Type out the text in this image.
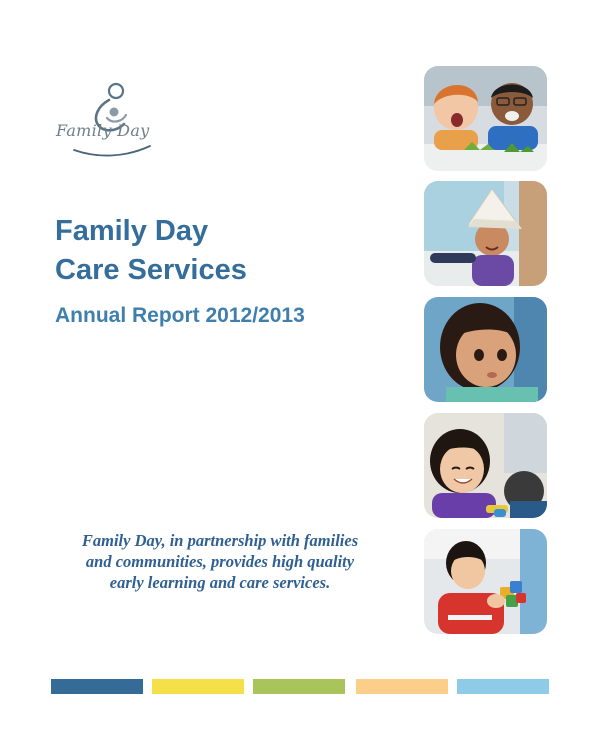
Family Day
Family Day
Care Services
Annual Report 2012/2013
Family Day, in partnership with families
and communities, provides high quality
early learning and care services.
